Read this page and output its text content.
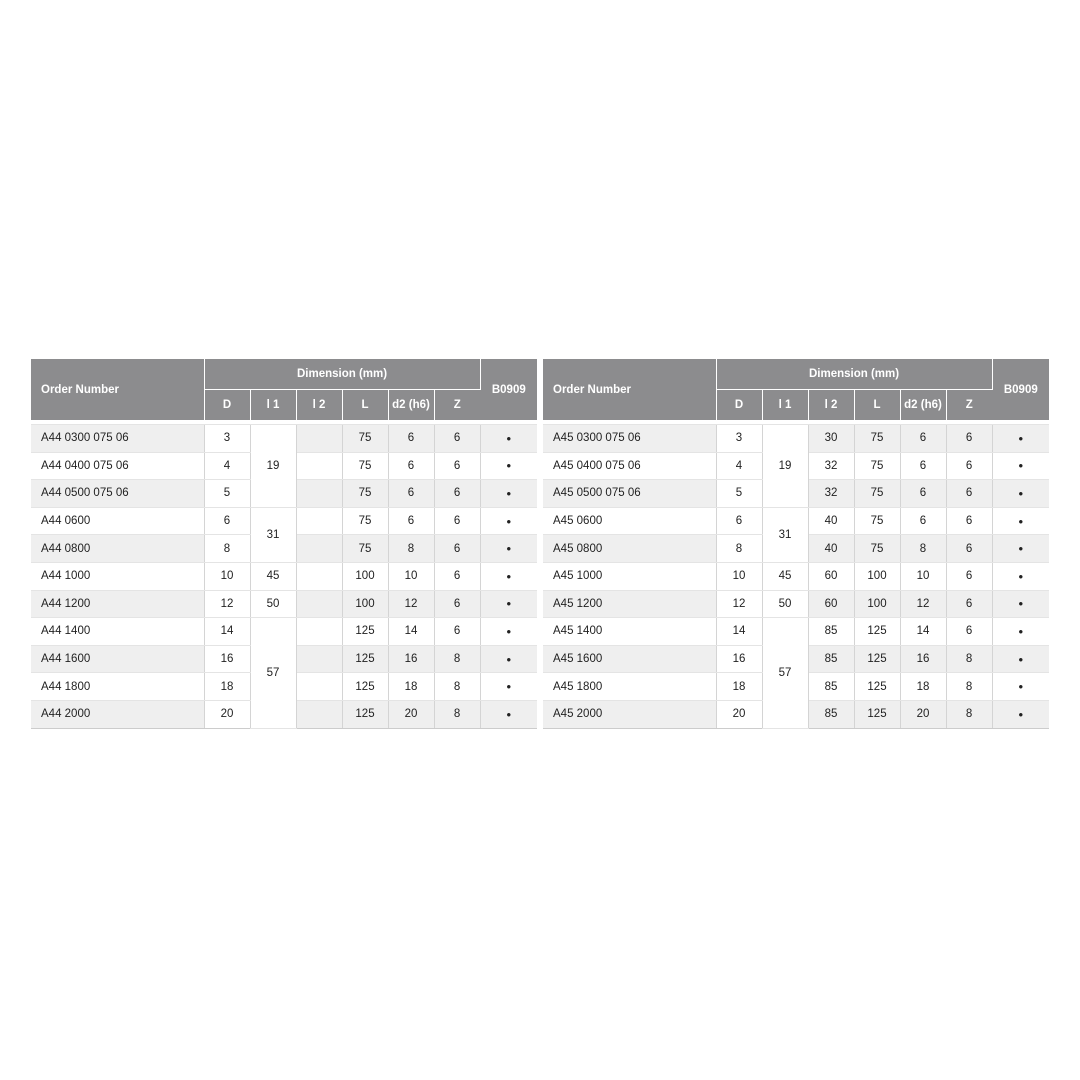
Order Number	Dimension (mm)						B0909
	D	l 1	l 2	L	d2 (h6)	Z	

A44 0300 075 06	3	19		75	6	6	•
A44 0400 075 06	4			75	6	6	•
A44 0500 075 06	5			75	6	6	•
A44 0600	6	31		75	6	6	•
A44 0800	8			75	8	6	•
A44 1000	10	45		100	10	6	•
A44 1200	12	50		100	12	6	•
A44 1400	14	57		125	14	6	•
A44 1600	16			125	16	8	•
A44 1800	18			125	18	8	•
A44 2000	20			125	20	8	•
Order Number	Dimension (mm)						B0909
	D	l 1	l 2	L	d2 (h6)	Z	

A45 0300 075 06	3	19	30	75	6	6	•
A45 0400 075 06	4		32	75	6	6	•
A45 0500 075 06	5		32	75	6	6	•
A45 0600	6	31	40	75	6	6	•
A45 0800	8		40	75	8	6	•
A45 1000	10	45	60	100	10	6	•
A45 1200	12	50	60	100	12	6	•
A45 1400	14	57	85	125	14	6	•
A45 1600	16		85	125	16	8	•
A45 1800	18		85	125	18	8	•
A45 2000	20		85	125	20	8	•
